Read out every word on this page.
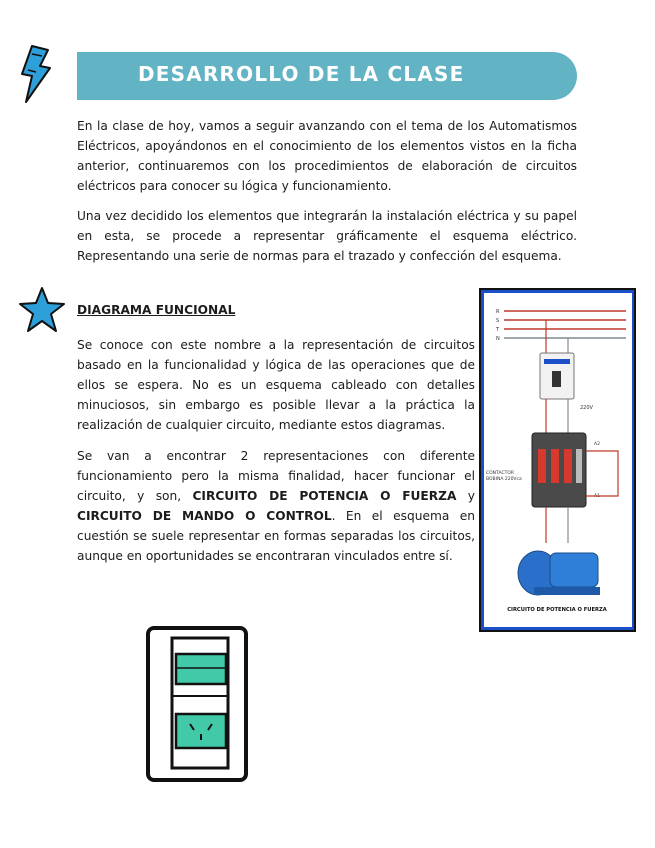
DESARROLLO DE LA CLASE

En la clase de hoy, vamos a seguir avanzando con el tema de los Automatismos Eléctricos, apoyándonos en el conocimiento de los elementos vistos en la ficha anterior, continuaremos con los procedimientos de elaboración de circuitos eléctricos para conocer su lógica y funcionamiento.

Una vez decidido los elementos que integrarán la instalación eléctrica y su papel en esta, se procede a representar gráficamente el esquema eléctrico. Representando una serie de normas para el trazado y confección del esquema.

DIAGRAMA FUNCIONAL

Se conoce con este nombre a la representación de circuitos basado en la funcionalidad y lógica de las operaciones que de ellos se espera. No es un esquema cableado con detalles minuciosos, sin embargo es posible llevar a la práctica la realización de cualquier circuito, mediante estos diagramas.

Se van a encontrar 2 representaciones con diferente funcionamiento pero la misma finalidad, hacer funcionar el circuito, y son, CIRCUITO DE POTENCIA O FUERZA y CIRCUITO DE MANDO O CONTROL. En el esquema en cuestión se suele representar en formas separadas los circuitos, aunque en oportunidades se encontraran vinculados entre sí.

R
S
T
N
220V
CONTACTOR
BOBINA 220Vca
A2
A1
CIRCUITO DE POTENCIA O FUERZA
